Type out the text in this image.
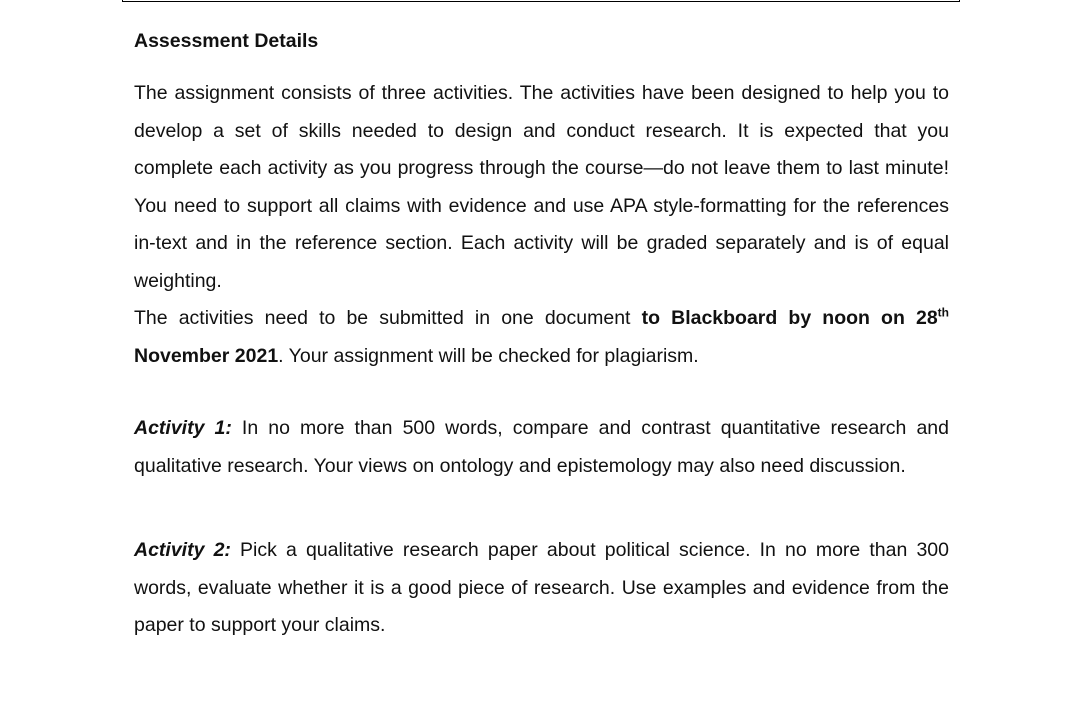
Assessment Details

The assignment consists of three activities. The activities have been designed to help you to develop a set of skills needed to design and conduct research. It is expected that you complete each activity as you progress through the course—do not leave them to last minute! You need to support all claims with evidence and use APA style-formatting for the references in-text and in the reference section. Each activity will be graded separately and is of equal weighting.

The activities need to be submitted in one document to Blackboard by noon on 28th November 2021. Your assignment will be checked for plagiarism.

Activity 1: In no more than 500 words, compare and contrast quantitative research and qualitative research. Your views on ontology and epistemology may also need discussion.

Activity 2: Pick a qualitative research paper about political science. In no more than 300 words, evaluate whether it is a good piece of research. Use examples and evidence from the paper to support your claims.
